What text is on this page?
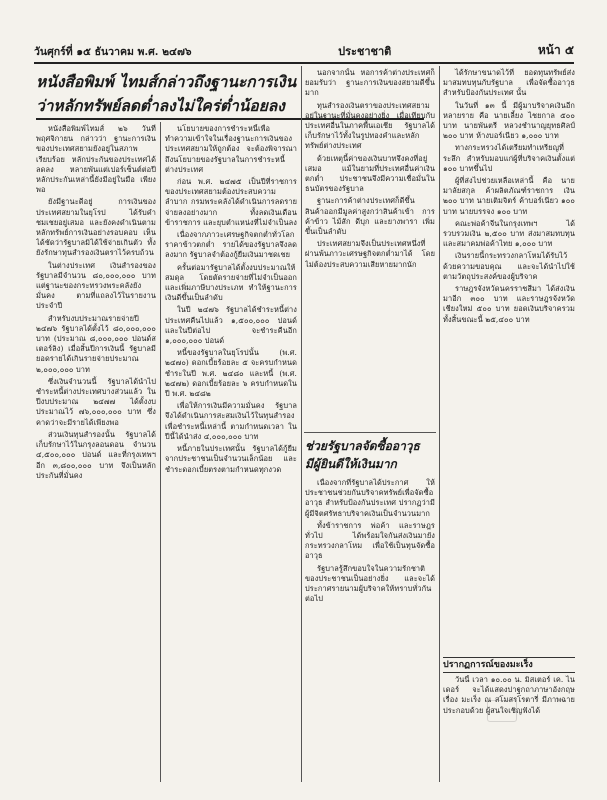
วันศุกร์ที่ ๑๕ ธันวาคม พ.ศ. ๒๔๗๖	ประชาชาติ	หน้า ๕
หนังสือพิมพ์ ไทมส์กล่าวถึงฐานะการเงิน
ว่าหลักทรัพย์ลดต่ำลงไม่ใคร่ต่ำน้อยลง

หนังสือพิมพ์ไทมส์ ๒๖ วันที่ พฤศจิกายน กล่าวว่า ฐานะการเงินของประเทศสยามยังอยู่ในสภาพเรียบร้อย หลักประกันของประเทศได้ลดลง หลายพันแต่เปอร์เซ็นต์ต่อปี หลักประกันเหล่านี้ยังมีอยู่ในมือ เพียงพอ

ยังมีฐานะดีอยู่ การเงินของประเทศสยามในยุโรป ได้รับคำชมเชยอยู่เสมอ และยังคงดำเนินตามหลักทรัพย์การเงินอย่างรอบคอบ เห็นได้ชัดว่ารัฐบาลมิได้ใช้จ่ายเกินตัว ทั้งยังรักษาทุนสำรองเงินตราไว้ครบถ้วน

ในต่างประเทศ เงินสำรองของรัฐบาลมีจำนวน ๘๐,๐๐๐,๐๐๐ บาท แต่ฐานะของกระทรวงพระคลังยังมั่นคง ตามที่แถลงไว้ในรายงานประจำปี

สำหรับงบประมาณรายจ่ายปี ๒๔๗๖ รัฐบาลได้ตั้งไว้ ๘๐,๐๐๐,๐๐๐ บาท (ประมาณ ๘,๐๐๐,๐๐๐ ปอนด์สเตอร์ลิง) เมื่อสิ้นปีการเงินนี้ รัฐบาลมียอดรายได้เกินรายจ่ายประมาณ ๒,๐๐๐,๐๐๐ บาท

ซึ่งเงินจำนวนนี้ รัฐบาลได้นำไปชำระหนี้ต่างประเทศบางส่วนแล้ว ในปีงบประมาณ ๒๔๗๗ ได้ตั้งงบประมาณไว้ ๗๖,๐๐๐,๐๐๐ บาท ซึ่งคาดว่าจะมีรายได้เพียงพอ

ส่วนเงินทุนสำรองนั้น รัฐบาลได้เก็บรักษาไว้ในกรุงลอนดอน จำนวน ๔,๕๐๐,๐๐๐ ปอนด์ และที่กรุงเทพฯ อีก ๓,๘๐๐,๐๐๐ บาท จึงเป็นหลักประกันที่มั่นคง

นโยบายของการชำระหนี้เพื่อทำความเข้าใจในเรื่องฐานะการเงินของประเทศสยามให้ถูกต้อง จะต้องพิจารณาถึงนโยบายของรัฐบาลในการชำระหนี้ต่างประเทศ

ก่อน พ.ศ. ๒๔๗๕ เป็นปีที่ราชการของประเทศสยามต้องประสบความลำบาก กรมพระคลังได้ดำเนินการลดรายจ่ายลงอย่างมาก ทั้งลดเงินเดือนข้าราชการ และยุบตำแหน่งที่ไม่จำเป็นลง

เนื่องจากภาวะเศรษฐกิจตกต่ำทั่วโลก ราคาข้าวตกต่ำ รายได้ของรัฐบาลจึงลดลงมาก รัฐบาลจำต้องกู้ยืมเงินมาชดเชย

ครั้นต่อมารัฐบาลได้ตั้งงบประมาณให้สมดุล โดยตัดรายจ่ายที่ไม่จำเป็นออก และเพิ่มภาษีบางประเภท ทำให้ฐานะการเงินดีขึ้นเป็นลำดับ

ในปี ๒๔๗๖ รัฐบาลได้ชำระหนี้ต่างประเทศคืนไปแล้ว ๑,๕๐๐,๐๐๐ ปอนด์ และในปีต่อไป จะชำระคืนอีก ๑,๐๐๐,๐๐๐ ปอนด์

หนี้ของรัฐบาลในยุโรปนั้น (พ.ศ. ๒๔๗๐) ดอกเบี้ยร้อยละ ๕ จะครบกำหนดชำระในปี พ.ศ. ๒๔๘๐ และหนี้ (พ.ศ. ๒๔๗๒) ดอกเบี้ยร้อยละ ๖ ครบกำหนดในปี พ.ศ. ๒๔๘๒

เพื่อให้การเงินมีความมั่นคง รัฐบาลจึงได้ดำเนินการสะสมเงินไว้ในทุนสำรองเพื่อชำระหนี้เหล่านี้ ตามกำหนดเวลา ในปีนี้ได้นำส่ง ๔,๐๐๐,๐๐๐ บาท

หนี้ภายในประเทศนั้น รัฐบาลได้กู้ยืมจากประชาชนเป็นจำนวนเล็กน้อย และชำระดอกเบี้ยตรงตามกำหนดทุกงวด

นอกจากนั้น หอการค้าต่างประเทศก็ยอมรับว่า ฐานะการเงินของสยามดีขึ้นมาก

ทุนสำรองเงินตราของประเทศสยามอยู่ในฐานะที่มั่นคงอย่างยิ่ง เมื่อเทียบกับประเทศอื่นในภาคพื้นเอเชีย รัฐบาลได้เก็บรักษาไว้ทั้งในรูปทองคำและหลักทรัพย์ต่างประเทศ

ด้วยเหตุนี้ค่าของเงินบาทจึงคงที่อยู่เสมอ แม้ในยามที่ประเทศอื่นค่าเงินตกต่ำ ประชาชนจึงมีความเชื่อมั่นในธนบัตรของรัฐบาล

ฐานะการค้าต่างประเทศก็ดีขึ้น สินค้าออกมีมูลค่าสูงกว่าสินค้าเข้า การค้าข้าว ไม้สัก ดีบุก และยางพารา เพิ่มขึ้นเป็นลำดับ

ประเทศสยามจึงเป็นประเทศหนึ่งที่ผ่านพ้นภาวะเศรษฐกิจตกต่ำมาได้ โดยไม่ต้องประสบความเสียหายมากนัก

ช่วยรัฐบาลจัดซื้ออาวุธ
มีผู้ยินดีให้เงินมาก

เนื่องจากที่รัฐบาลได้ประกาศ ให้ประชาชนช่วยกันบริจาคทรัพย์เพื่อจัดซื้ออาวุธ สำหรับป้องกันประเทศ ปรากฏว่ามีผู้มีจิตศรัทธาบริจาคเงินเป็นจำนวนมาก

ทั้งข้าราชการ พ่อค้า และราษฎรทั่วไป ได้พร้อมใจกันส่งเงินมายังกระทรวงกลาโหม เพื่อใช้เป็นทุนจัดซื้ออาวุธ

รัฐบาลรู้สึกขอบใจในความรักชาติของประชาชนเป็นอย่างยิ่ง และจะได้ประกาศรายนามผู้บริจาคให้ทราบทั่วกันต่อไป

ได้รักษาขนาดไว้ที่ ยอดทุนทรัพย์ส่งมาสมทบทุนกับรัฐบาล เพื่อจัดซื้ออาวุธ สำหรับป้องกันประเทศ นั้น

ในวันที่ ๑๓ นี้ มีผู้มาบริจาคเงินอีกหลายราย คือ นายเลี้ยง ไชยกาล ๕๐๐ บาท นายพันตรี หลวงชำนาญยุทธศิลป์ ๒๐๐ บาท ห้างบอร์เนียว ๑,๐๐๐ บาท

ทางกระทรวงได้เตรียมทำเหรียญที่ระลึก สำหรับมอบแก่ผู้ที่บริจาคเงินตั้งแต่ ๑๐๐ บาทขึ้นไป

ผู้ที่ส่งไปช่วยเหลือเหล่านี้ คือ นายมาลัยสกุล ค้าผลิตภัณฑ์ราชการ เงิน ๒๐๐ บาท นายเติมจิตร์ ค้าบอร์เนียว ๑๐๐ บาท นายบรรจง ๑๐๐ บาท

คณะพ่อค้าจีนในกรุงเทพฯ ได้รวบรวมเงิน ๒,๕๐๐ บาท ส่งมาสมทบทุน และสมาคมพ่อค้าไทย ๑,๐๐๐ บาท

เงินรายนี้กระทรวงกลาโหมได้รับไว้ด้วยความขอบคุณ และจะได้นำไปใช้ตามวัตถุประสงค์ของผู้บริจาค

ราษฎรจังหวัดนครราชสีมา ได้ส่งเงินมาอีก ๓๐๐ บาท และราษฎรจังหวัดเชียงใหม่ ๕๐๐ บาท ยอดเงินบริจาครวมทั้งสิ้นขณะนี้ ๒๕,๔๐๐ บาท

ปรากฏการณ์ของมะเร็ง

วันนี้ เวลา ๑๐.๐๐ น. มิสเตอร์ เค. ไนเดอร์ จะได้แสดงปาฐกถาภาษาอังกฤษ เรื่อง มะเร็ง ณ สโมสรโรตารี่ มีภาพฉายประกอบด้วย ผู้สนใจเชิญฟังได้
